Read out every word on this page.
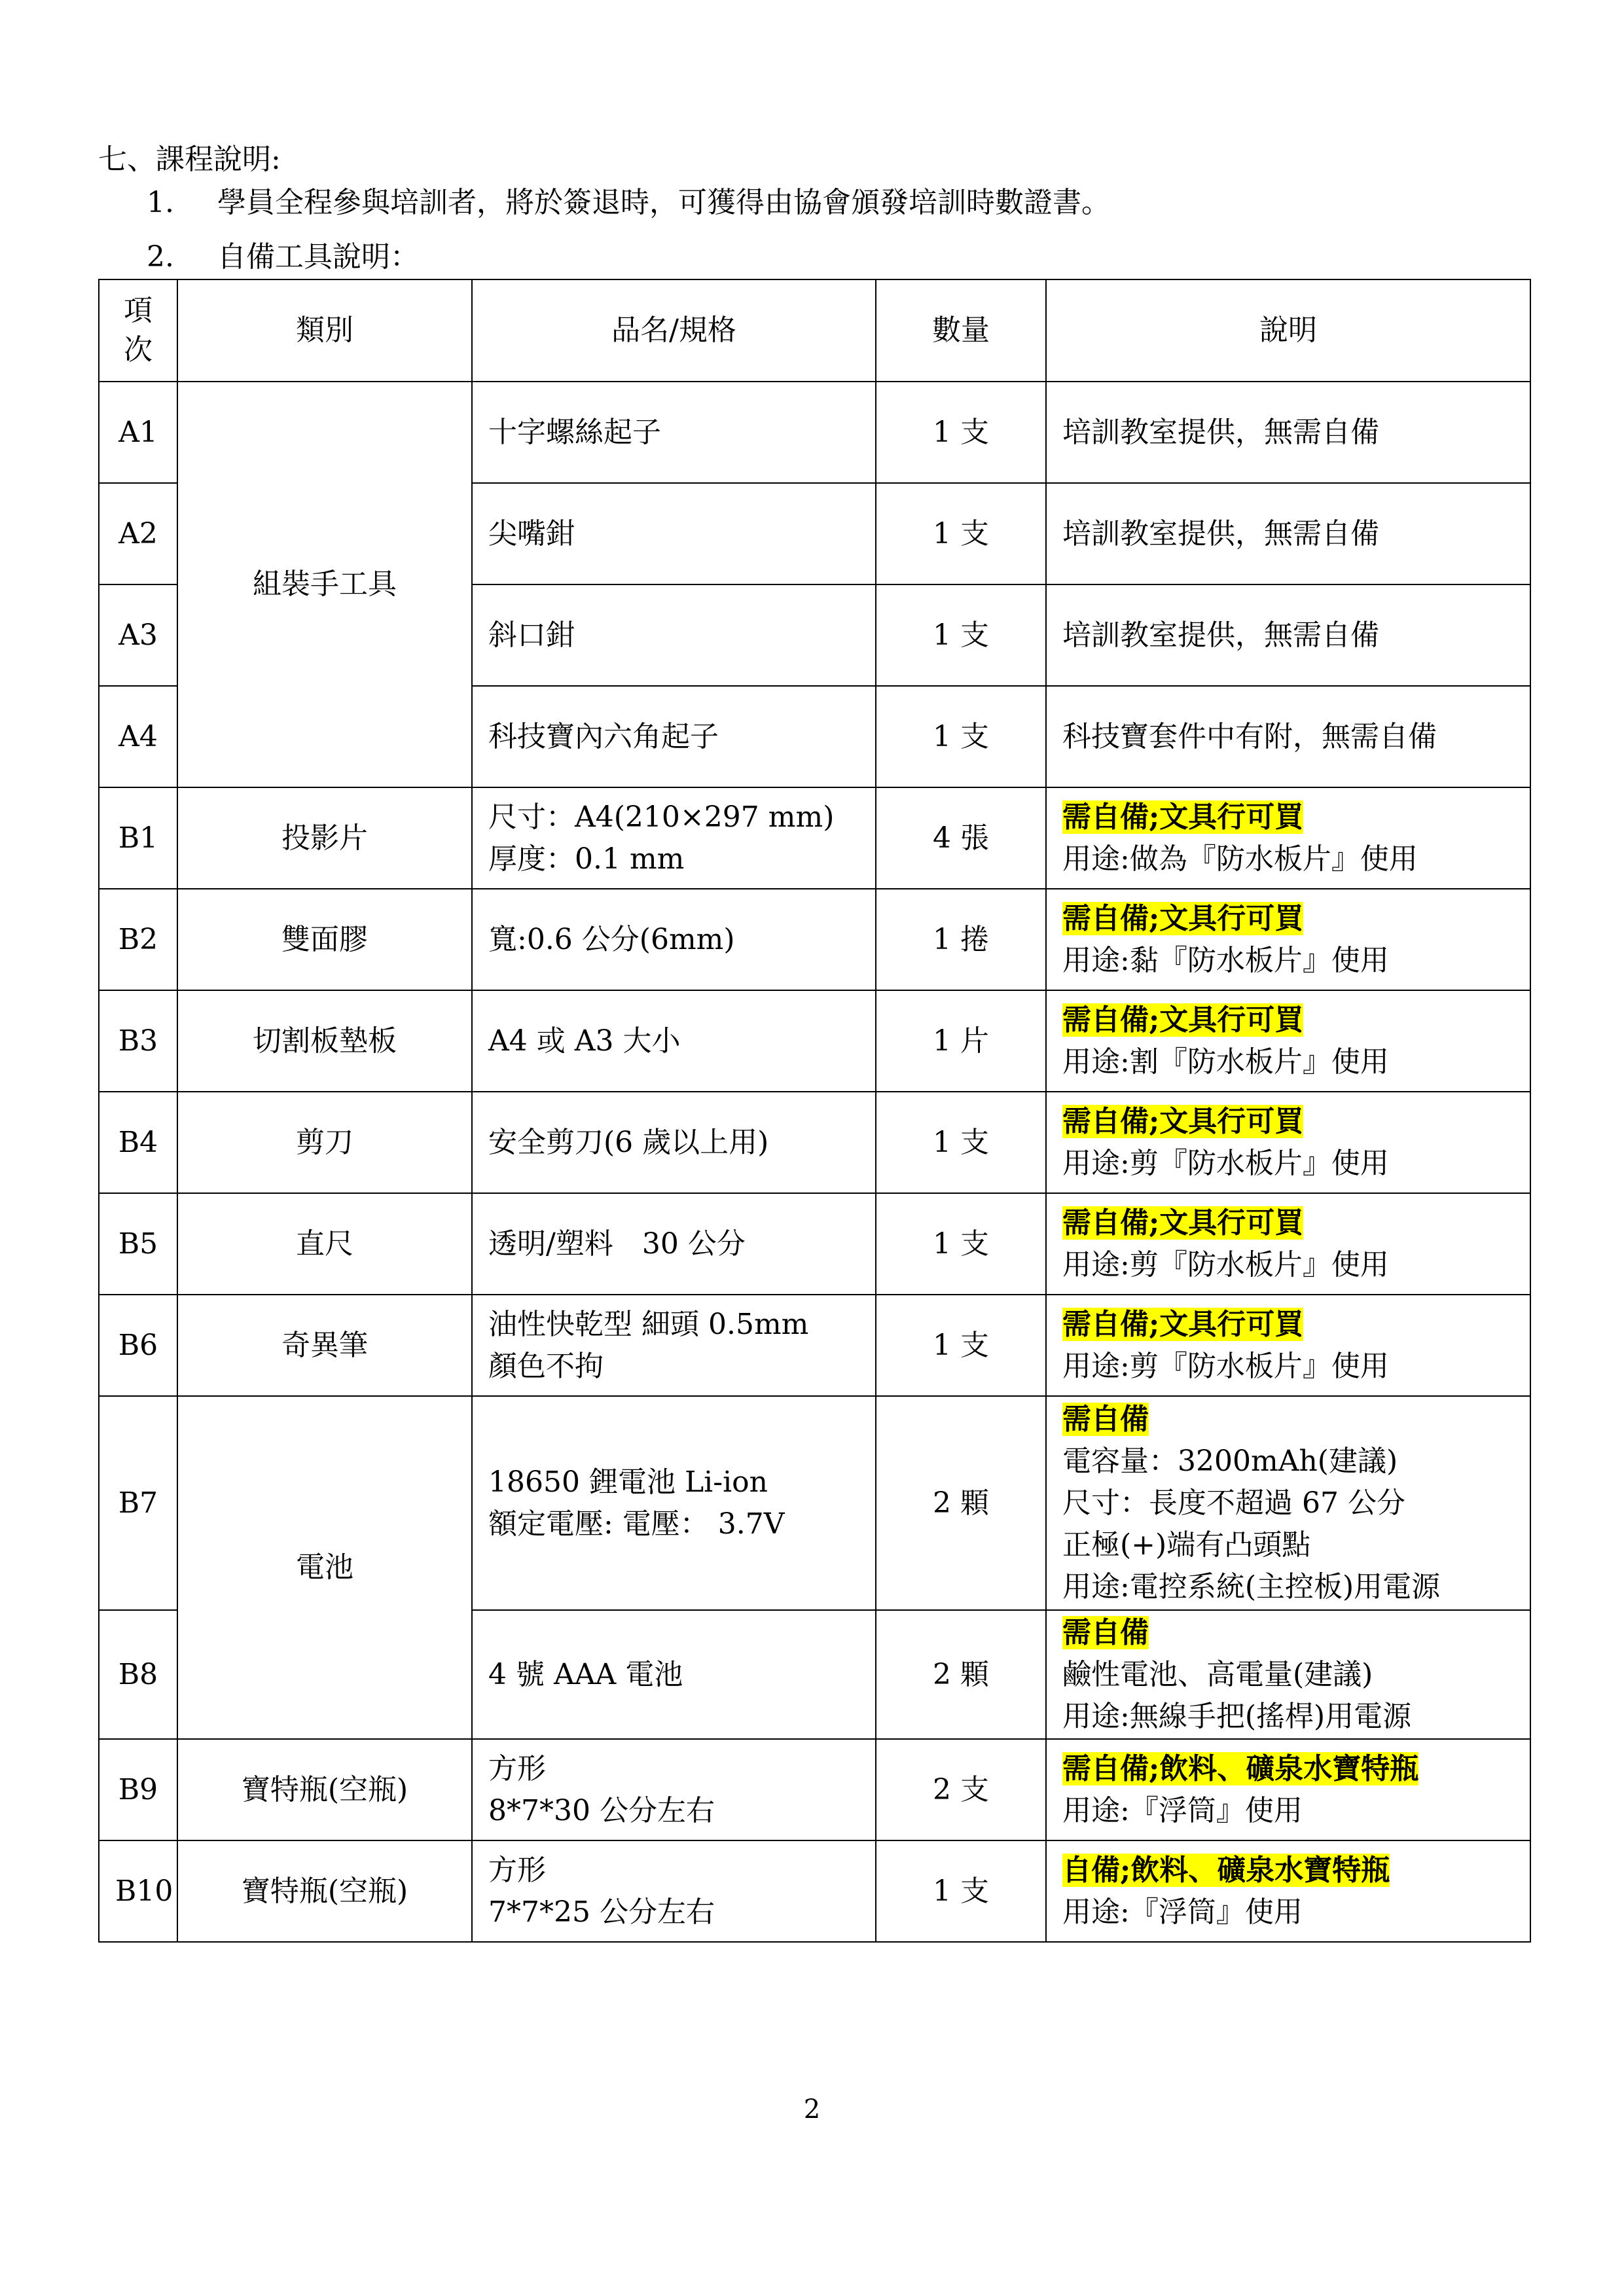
七、課程說明:
1. 學員全程參與培訓者，將於簽退時，可獲得由協會頒發培訓時數證書。
2. 自備工具說明：
項
次	類別	品名/規格	數量	說明
A1	組裝手工具	十字螺絲起子	1 支	培訓教室提供，無需自備

A2		尖嘴鉗	1 支	培訓教室提供，無需自備

A3		斜口鉗	1 支	培訓教室提供，無需自備

A4		科技寶內六角起子	1 支	科技寶套件中有附，無需自備

B1	投影片	尺寸：A4(210×297 mm)
厚度：0.1 mm	4 張	需自備;文具行可買
用途:做為『防水板片』使用

B2	雙面膠	寬:0.6 公分(6mm)	1 捲	需自備;文具行可買
用途:黏『防水板片』使用

B3	切割板墊板	A4 或 A3 大小	1 片	需自備;文具行可買
用途:割『防水板片』使用

B4	剪刀	安全剪刀(6 歲以上用)	1 支	需自備;文具行可買
用途:剪『防水板片』使用

B5	直尺	透明/塑料　30 公分	1 支	需自備;文具行可買
用途:剪『防水板片』使用

B6	奇異筆	油性快乾型 細頭 0.5mm
顏色不拘	1 支	需自備;文具行可買
用途:剪『防水板片』使用

B7	電池	18650 鋰電池 Li-ion
額定電壓: 電壓： 3.7V	2 顆	需自備
電容量：3200mAh(建議)
尺寸：長度不超過 67 公分
正極(+)端有凸頭點
用途:電控系統(主控板)用電源

B8		4 號 AAA 電池	2 顆	需自備
鹼性電池、高電量(建議)
用途:無線手把(搖桿)用電源

B9	寶特瓶(空瓶)	方形
8*7*30 公分左右	2 支	需自備;飲料、礦泉水寶特瓶
用途:『浮筒』使用

B10	寶特瓶(空瓶)	方形
7*7*25 公分左右	1 支	自備;飲料、礦泉水寶特瓶
用途:『浮筒』使用
2
